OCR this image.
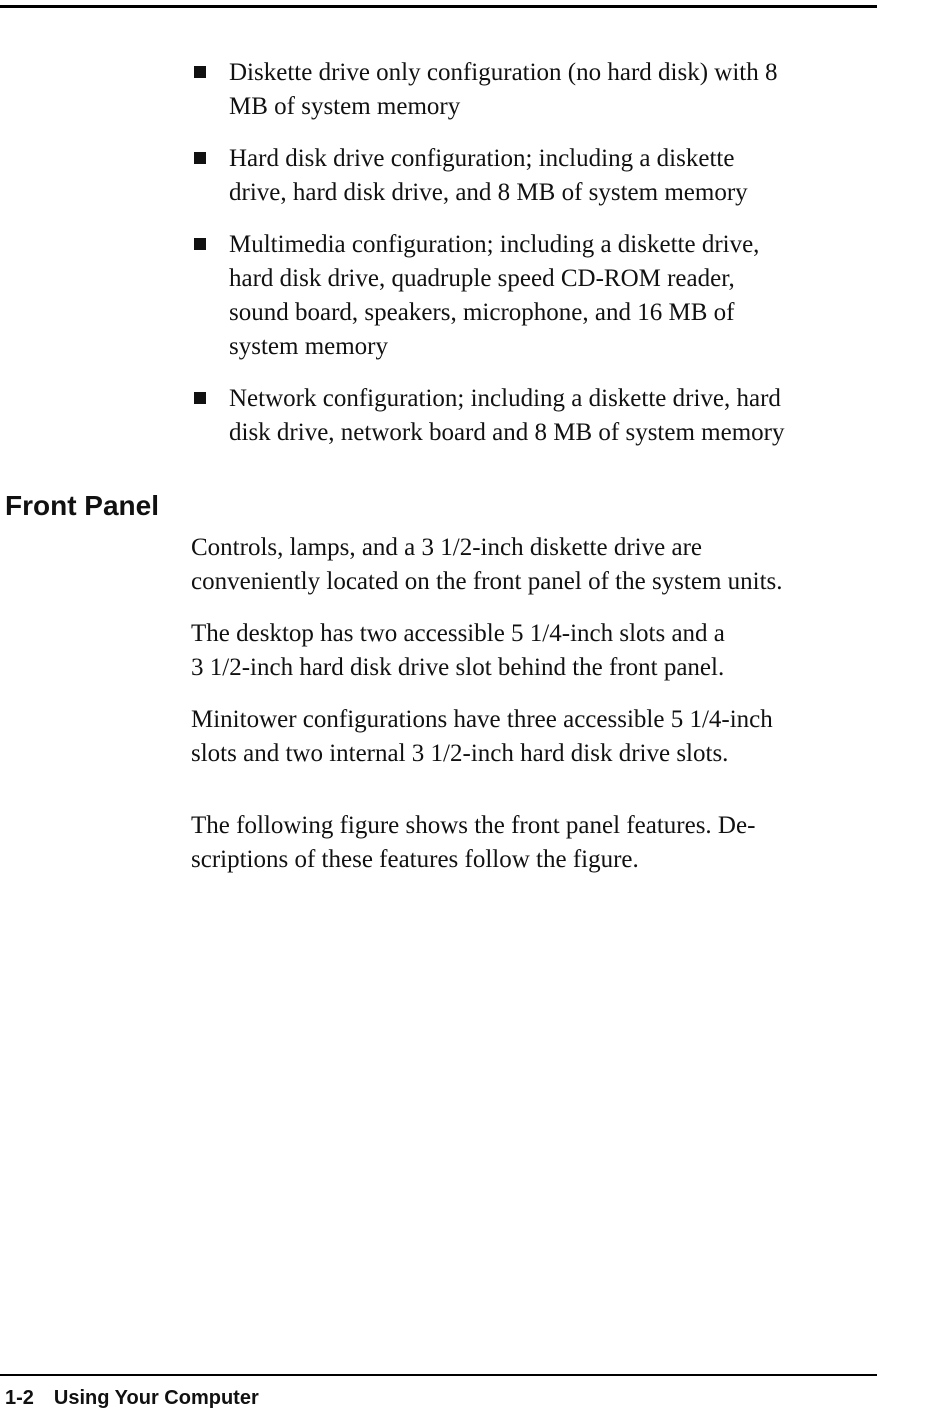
Diskette drive only configuration (no hard disk) with 8
MB of system memory
Hard disk drive configuration; including a diskette
drive, hard disk drive, and 8 MB of system memory
Multimedia configuration; including a diskette drive,
hard disk drive, quadruple speed CD-ROM reader,
sound board, speakers, microphone, and 16 MB of
system memory
Network configuration; including a diskette drive, hard
disk drive, network board and 8 MB of system memory
Front Panel

Controls, lamps, and a 3 1/2-inch diskette drive are
conveniently located on the front panel of the system units.

The desktop has two accessible 5 1/4-inch slots and a
3 1/2-inch hard disk drive slot behind the front panel.

Minitower configurations have three accessible 5 1/4-inch
slots and two internal 3 1/2-inch hard disk drive slots.

The following figure shows the front panel features. De-
scriptions of these features follow the figure.

1-2 Using Your Computer
